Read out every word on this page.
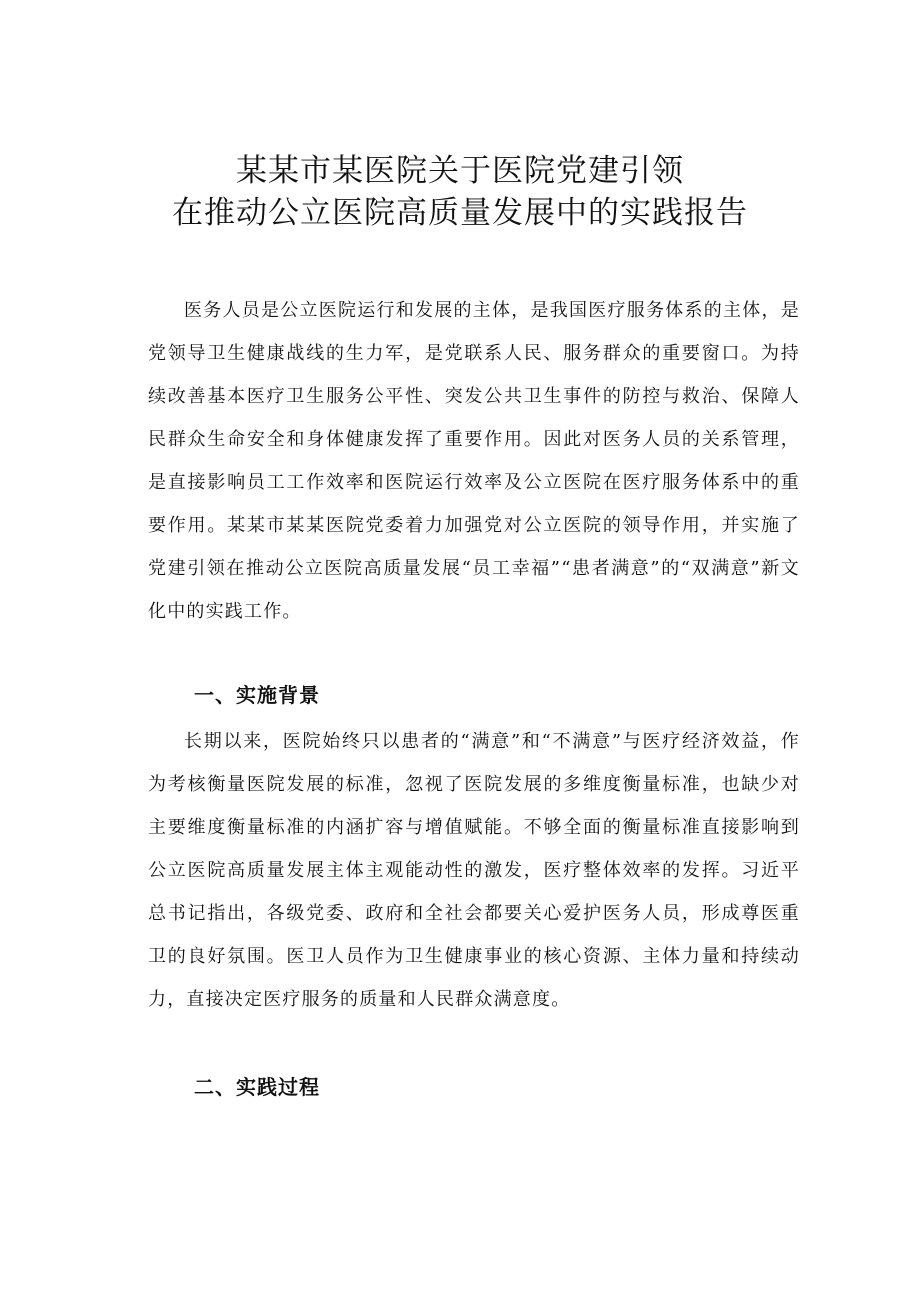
某某市某医院关于医院党建引领
在推动公立医院高质量发展中的实践报告

医务人员是公立医院运行和发展的主体，是我国医疗服务体系的主体，是党领导卫生健康战线的生力军，是党联系人民、服务群众的重要窗口。为持续改善基本医疗卫生服务公平性、突发公共卫生事件的防控与救治、保障人民群众生命安全和身体健康发挥了重要作用。因此对医务人员的关系管理，是直接影响员工工作效率和医院运行效率及公立医院在医疗服务体系中的重要作用。某某市某某医院党委着力加强党对公立医院的领导作用，并实施了党建引领在推动公立医院高质量发展“员工幸福”“患者满意”的“双满意”新文化中的实践工作。

一、实施背景

长期以来，医院始终只以患者的“满意”和“不满意”与医疗经济效益，作为考核衡量医院发展的标准，忽视了医院发展的多维度衡量标准，也缺少对主要维度衡量标准的内涵扩容与增值赋能。不够全面的衡量标准直接影响到公立医院高质量发展主体主观能动性的激发，医疗整体效率的发挥。习近平总书记指出，各级党委、政府和全社会都要关心爱护医务人员，形成尊医重卫的良好氛围。医卫人员作为卫生健康事业的核心资源、主体力量和持续动力，直接决定医疗服务的质量和人民群众满意度。

二、实践过程
